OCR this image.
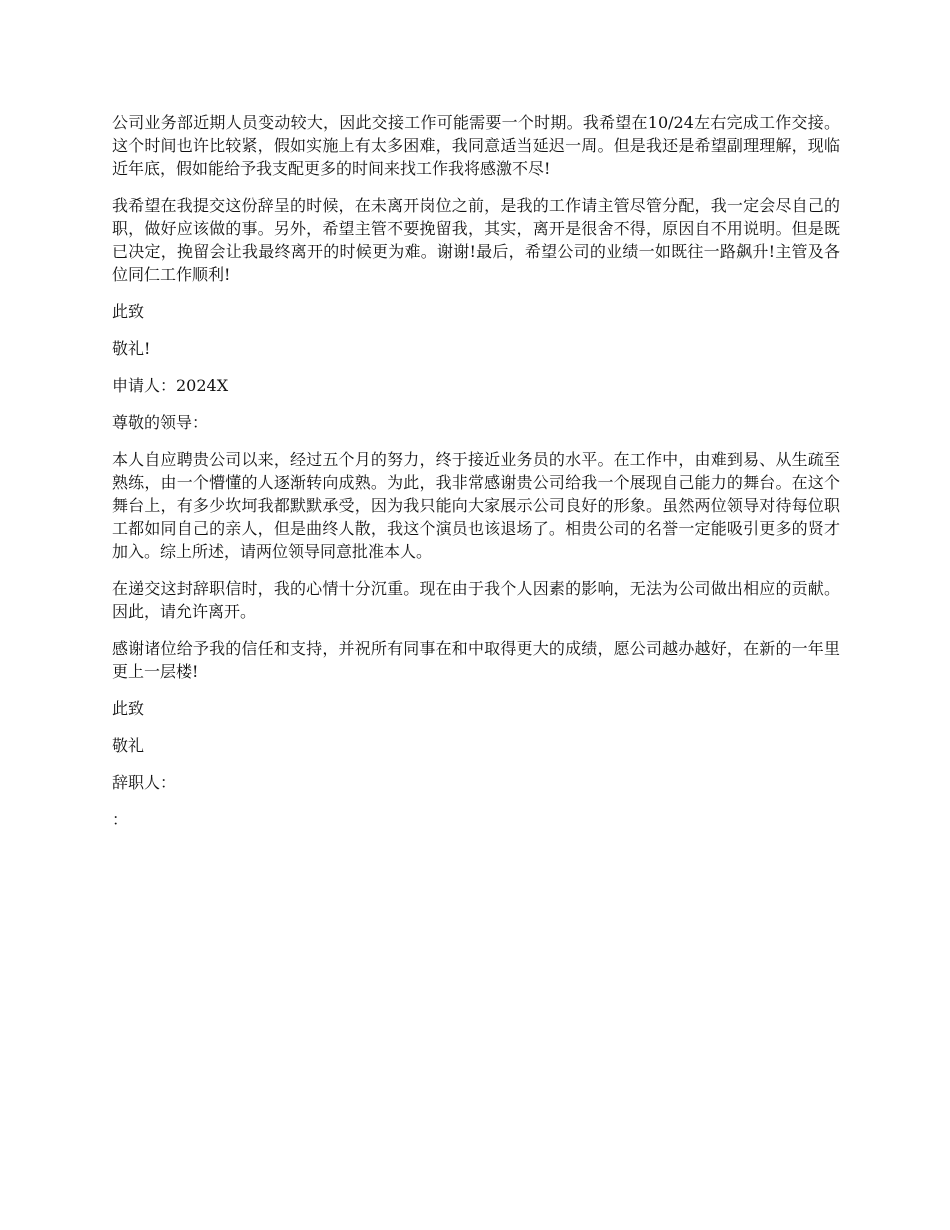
公司业务部近期人员变动较大，因此交接工作可能需要一个时期。我希望在10/24左右完成工作交接。这个时间也许比较紧，假如实施上有太多困难，我同意适当延迟一周。但是我还是希望副理理解，现临近年底，假如能给予我支配更多的时间来找工作我将感激不尽!

我希望在我提交这份辞呈的时候，在未离开岗位之前，是我的工作请主管尽管分配，我一定会尽自己的职，做好应该做的事。另外，希望主管不要挽留我，其实，离开是很舍不得，原因自不用说明。但是既已决定，挽留会让我最终离开的时候更为难。谢谢!最后，希望公司的业绩一如既往一路飙升!主管及各位同仁工作顺利!

此致

敬礼!

申请人：2024X

尊敬的领导：

本人自应聘贵公司以来，经过五个月的努力，终于接近业务员的水平。在工作中，由难到易、从生疏至熟练，由一个懵懂的人逐渐转向成熟。为此，我非常感谢贵公司给我一个展现自己能力的舞台。在这个舞台上，有多少坎坷我都默默承受，因为我只能向大家展示公司良好的形象。虽然两位领导对待每位职工都如同自己的亲人，但是曲终人散，我这个演员也该退场了。相贵公司的名誉一定能吸引更多的贤才加入。综上所述，请两位领导同意批准本人。

在递交这封辞职信时，我的心情十分沉重。现在由于我个人因素的影响，无法为公司做出相应的贡献。因此，请允许离开。

感谢诸位给予我的信任和支持，并祝所有同事在和中取得更大的成绩，愿公司越办越好，在新的一年里更上一层楼!

此致

敬礼

辞职人：

：
